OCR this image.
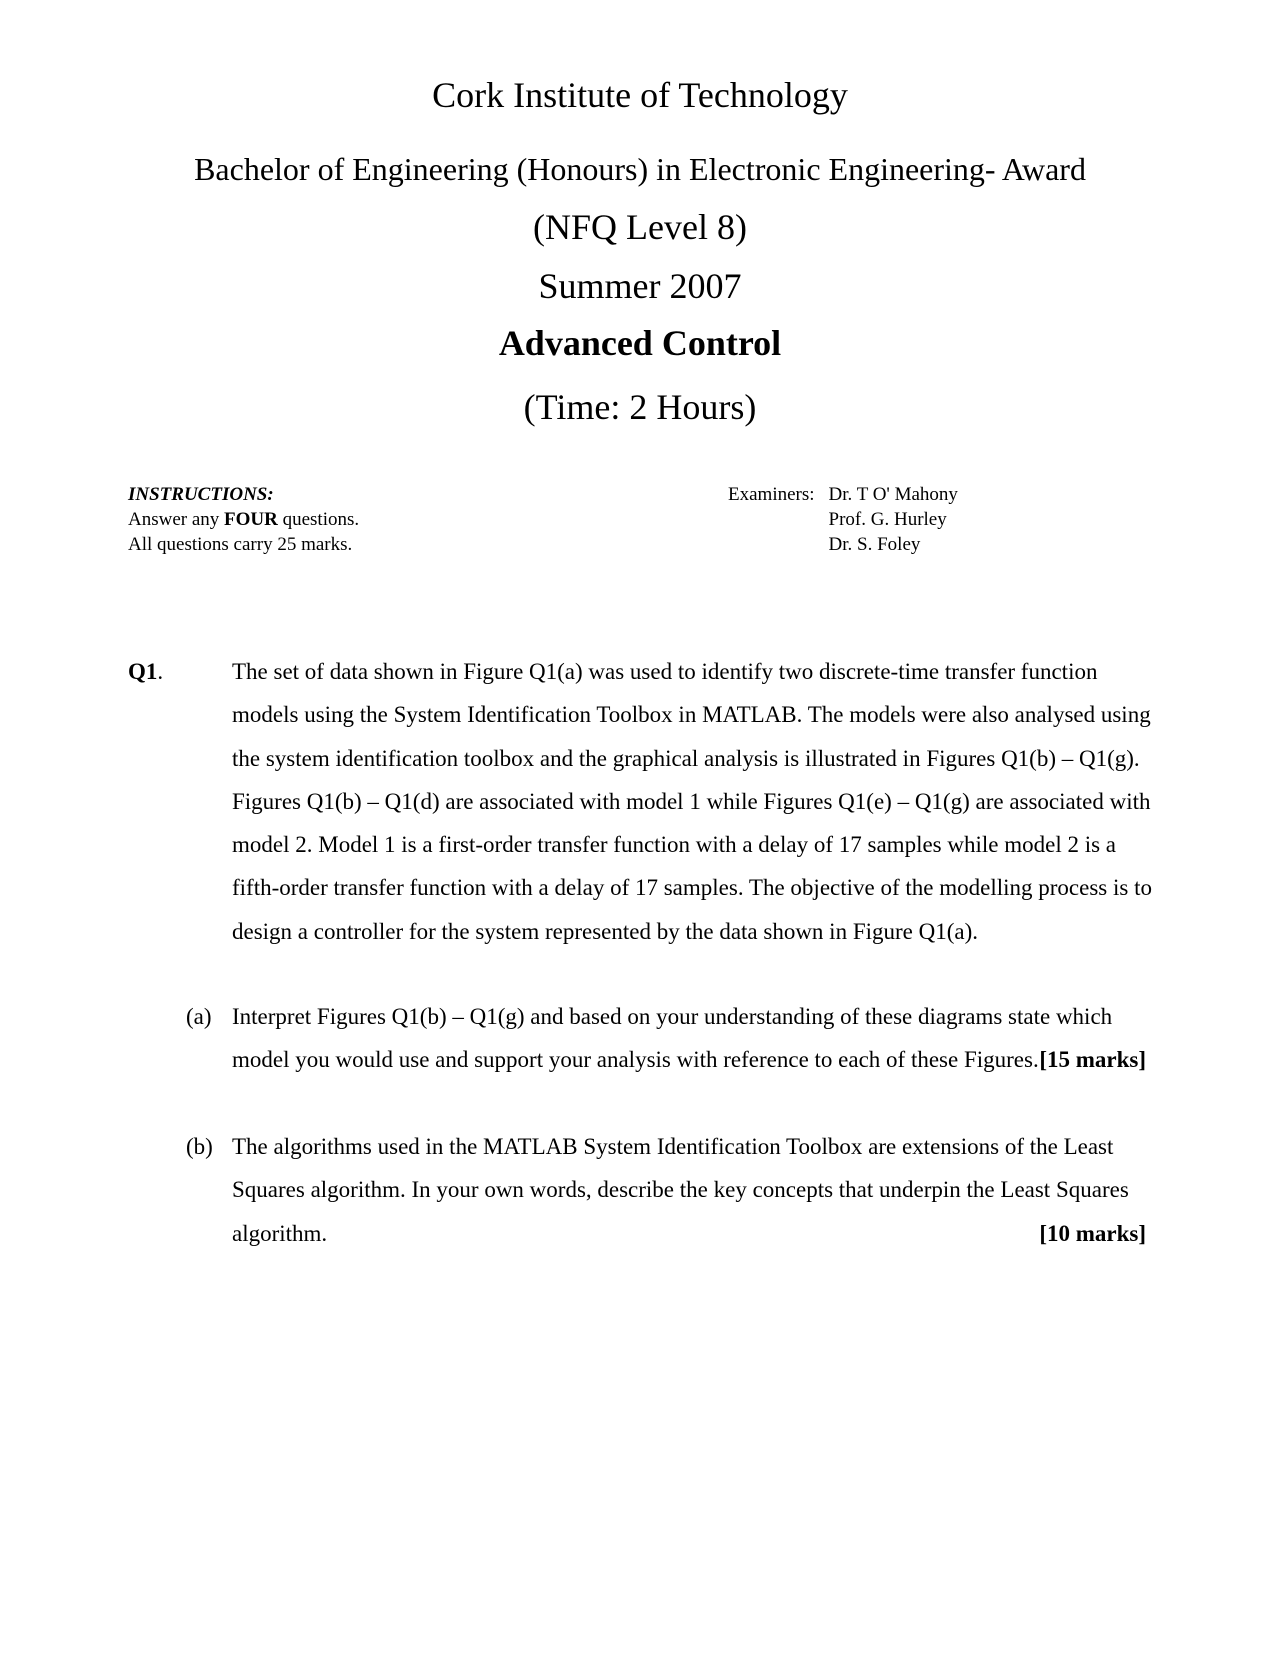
Cork Institute of Technology
Bachelor of Engineering (Honours) in Electronic Engineering- Award
(NFQ Level 8)
Summer 2007
Advanced Control
(Time: 2 Hours)
INSTRUCTIONS:
Answer any FOUR questions.
All questions carry 25 marks.
Examiners: Dr. T O' Mahony
Prof. G. Hurley
Dr. S. Foley
Q1.	The set of data shown in Figure Q1(a) was used to identify two discrete-time transfer function models using the System Identification Toolbox in MATLAB. The models were also analysed using the system identification toolbox and the graphical analysis is illustrated in Figures Q1(b) – Q1(g). Figures Q1(b) – Q1(d) are associated with model 1 while Figures Q1(e) – Q1(g) are associated with model 2. Model 1 is a first-order transfer function with a delay of 17 samples while model 2 is a fifth-order transfer function with a delay of 17 samples. The objective of the modelling process is to design a controller for the system represented by the data shown in Figure Q1(a).
(a) Interpret Figures Q1(b) – Q1(g) and based on your understanding of these diagrams state which model you would use and support your analysis with reference to each of these Figures. [15 marks]
(b) The algorithms used in the MATLAB System Identification Toolbox are extensions of the Least Squares algorithm. In your own words, describe the key concepts that underpin the Least Squares algorithm.	[10 marks]
